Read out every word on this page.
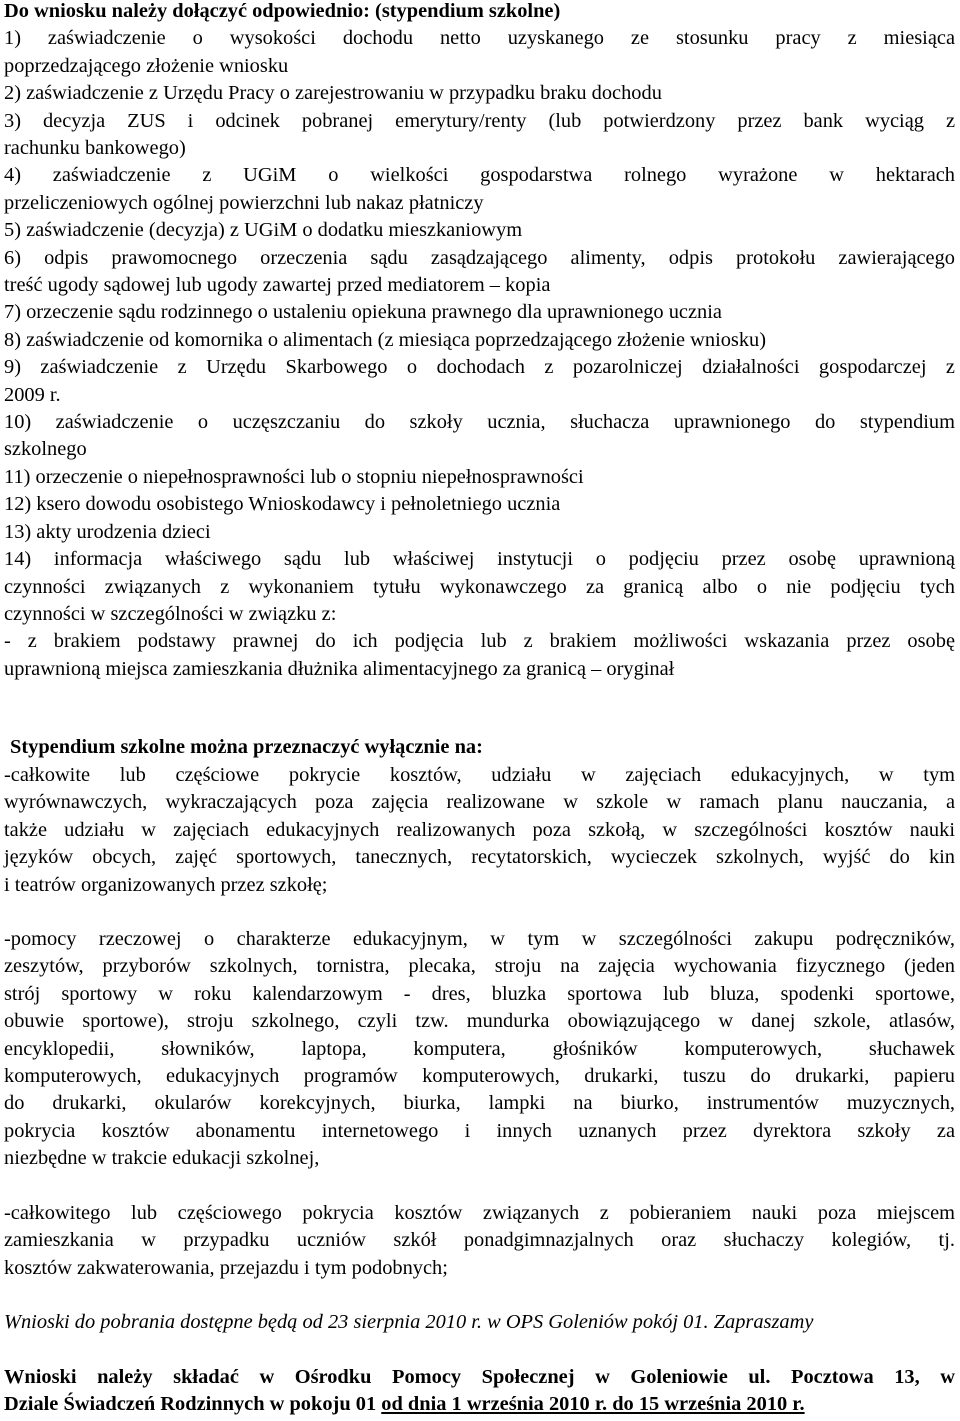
Do wniosku należy dołączyć odpowiednio: (stypendium szkolne)
1) zaświadczenie o wysokości dochodu netto uzyskanego ze stosunku pracy z miesiąca
poprzedzającego złożenie wniosku
2) zaświadczenie z Urzędu Pracy o zarejestrowaniu w przypadku braku dochodu
3) decyzja ZUS i odcinek pobranej emerytury/renty (lub potwierdzony przez bank wyciąg z
rachunku bankowego)
4) zaświadczenie z UGiM o wielkości gospodarstwa rolnego wyrażone w hektarach
przeliczeniowych ogólnej powierzchni lub nakaz płatniczy
5) zaświadczenie (decyzja) z UGiM o dodatku mieszkaniowym
6) odpis prawomocnego orzeczenia sądu zasądzającego alimenty, odpis protokołu zawierającego
treść ugody sądowej lub ugody zawartej przed mediatorem – kopia
7) orzeczenie sądu rodzinnego o ustaleniu opiekuna prawnego dla uprawnionego ucznia
8) zaświadczenie od komornika o alimentach (z miesiąca poprzedzającego złożenie wniosku)
9) zaświadczenie z Urzędu Skarbowego o dochodach z pozarolniczej działalności gospodarczej z
2009 r.
10) zaświadczenie o uczęszczaniu do szkoły ucznia, słuchacza uprawnionego do stypendium
szkolnego
11) orzeczenie o niepełnosprawności lub o stopniu niepełnosprawności
12) ksero dowodu osobistego Wnioskodawcy i pełnoletniego ucznia
13) akty urodzenia dzieci
14) informacja właściwego sądu lub właściwej instytucji o podjęciu przez osobę uprawnioną
czynności związanych z wykonaniem tytułu wykonawczego za granicą albo o nie podjęciu tych
czynności w szczególności w związku z:
- z brakiem podstawy prawnej do ich podjęcia lub z brakiem możliwości wskazania przez osobę
uprawnioną miejsca zamieszkania dłużnika alimentacyjnego za granicą – oryginał
Stypendium szkolne można przeznaczyć wyłącznie na:
-całkowite lub częściowe pokrycie kosztów, udziału w zajęciach edukacyjnych, w tym
wyrównawczych, wykraczających poza zajęcia realizowane w szkole w ramach planu nauczania, a
także udziału w zajęciach edukacyjnych realizowanych poza szkołą, w szczególności kosztów nauki
języków obcych, zajęć sportowych, tanecznych, recytatorskich, wycieczek szkolnych, wyjść do kin
i teatrów organizowanych przez szkołę;
-pomocy rzeczowej o charakterze edukacyjnym, w tym w szczególności zakupu podręczników,
zeszytów, przyborów szkolnych, tornistra, plecaka, stroju na zajęcia wychowania fizycznego (jeden
strój sportowy w roku kalendarzowym - dres, bluzka sportowa lub bluza, spodenki sportowe,
obuwie sportowe), stroju szkolnego, czyli tzw. mundurka obowiązującego w danej szkole, atlasów,
encyklopedii, słowników, laptopa, komputera, głośników komputerowych, słuchawek
komputerowych, edukacyjnych programów komputerowych, drukarki, tuszu do drukarki, papieru
do drukarki, okularów korekcyjnych, biurka, lampki na biurko, instrumentów muzycznych,
pokrycia kosztów abonamentu internetowego i innych uznanych przez dyrektora szkoły za
niezbędne w trakcie edukacji szkolnej,
-całkowitego lub częściowego pokrycia kosztów związanych z pobieraniem nauki poza miejscem
zamieszkania w przypadku uczniów szkół ponadgimnazjalnych oraz słuchaczy kolegiów, tj.
kosztów zakwaterowania, przejazdu i tym podobnych;
Wnioski do pobrania dostępne będą od 23 sierpnia 2010 r. w OPS Goleniów pokój 01. Zapraszamy
Wnioski należy składać w Ośrodku Pomocy Społecznej w Goleniowie ul. Pocztowa 13, w
Dziale Świadczeń Rodzinnych w pokoju 01 od dnia 1 września 2010 r. do 15 września 2010 r.
